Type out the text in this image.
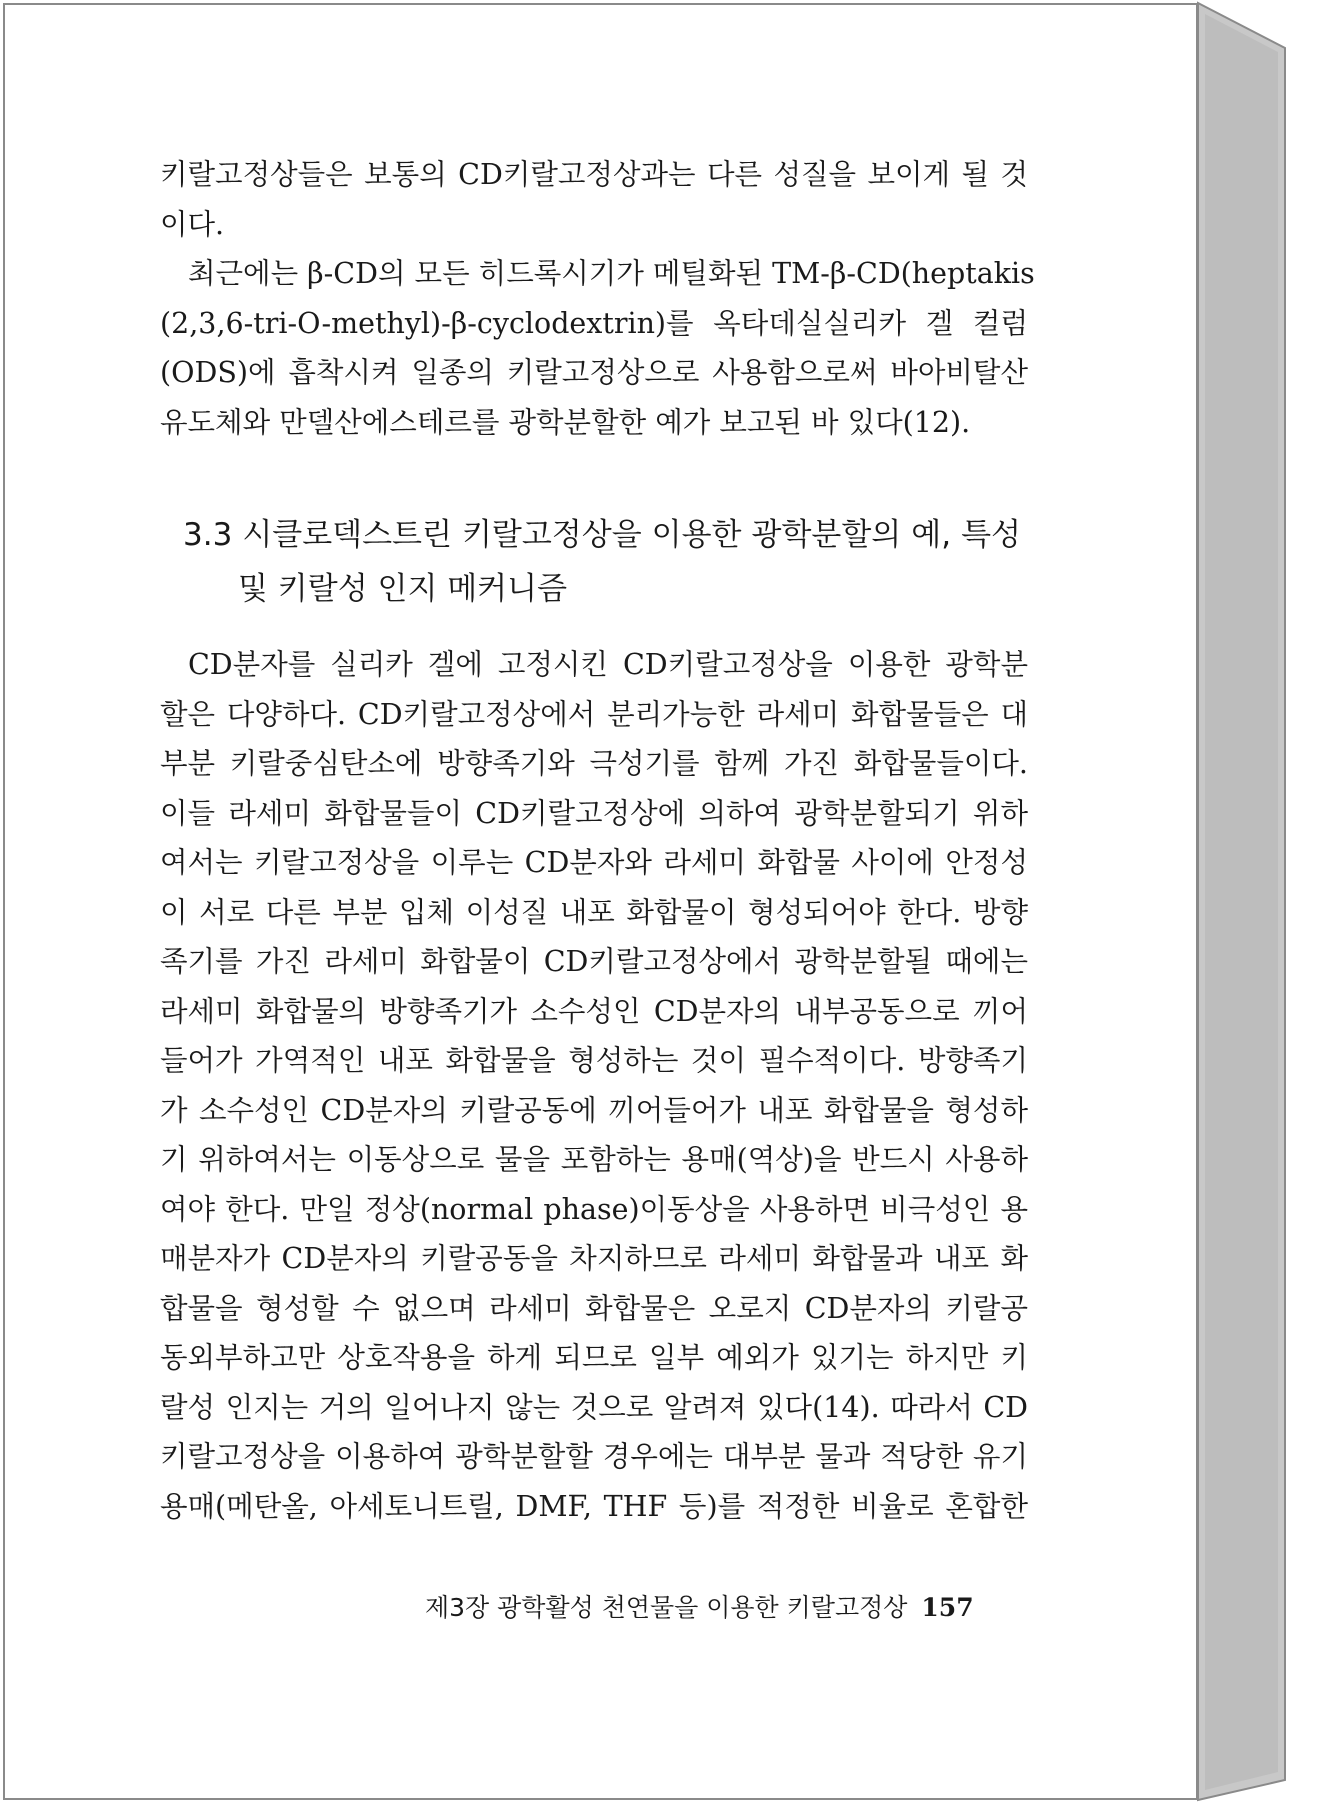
키랄고정상들은 보통의 CD키랄고정상과는 다른 성질을 보이게 될 것
이다.
최근에는 β-CD의 모든 히드록시기가 메틸화된 TM-β-CD(heptakis
(2,3,6-tri-O-methyl)-β-cyclodextrin)를 옥타데실실리카 겔 컬럼
(ODS)에 흡착시켜 일종의 키랄고정상으로 사용함으로써 바아비탈산
유도체와 만델산에스테르를 광학분할한 예가 보고된 바 있다(12).
3.3 시클로덱스트린 키랄고정상을 이용한 광학분할의 예, 특성
및 키랄성 인지 메커니즘
CD분자를 실리카 겔에 고정시킨 CD키랄고정상을 이용한 광학분
할은 다양하다. CD키랄고정상에서 분리가능한 라세미 화합물들은 대
부분 키랄중심탄소에 방향족기와 극성기를 함께 가진 화합물들이다.
이들 라세미 화합물들이 CD키랄고정상에 의하여 광학분할되기 위하
여서는 키랄고정상을 이루는 CD분자와 라세미 화합물 사이에 안정성
이 서로 다른 부분 입체 이성질 내포 화합물이 형성되어야 한다. 방향
족기를 가진 라세미 화합물이 CD키랄고정상에서 광학분할될 때에는
라세미 화합물의 방향족기가 소수성인 CD분자의 내부공동으로 끼어
들어가 가역적인 내포 화합물을 형성하는 것이 필수적이다. 방향족기
가 소수성인 CD분자의 키랄공동에 끼어들어가 내포 화합물을 형성하
기 위하여서는 이동상으로 물을 포함하는 용매(역상)을 반드시 사용하
여야 한다. 만일 정상(normal phase)이동상을 사용하면 비극성인 용
매분자가 CD분자의 키랄공동을 차지하므로 라세미 화합물과 내포 화
합물을 형성할 수 없으며 라세미 화합물은 오로지 CD분자의 키랄공
동외부하고만 상호작용을 하게 되므로 일부 예외가 있기는 하지만 키
랄성 인지는 거의 일어나지 않는 것으로 알려져 있다(14). 따라서 CD
키랄고정상을 이용하여 광학분할할 경우에는 대부분 물과 적당한 유기
용매(메탄올, 아세토니트릴, DMF, THF 등)를 적정한 비율로 혼합한
제3장 광학활성 천연물을 이용한 키랄고정상 157
